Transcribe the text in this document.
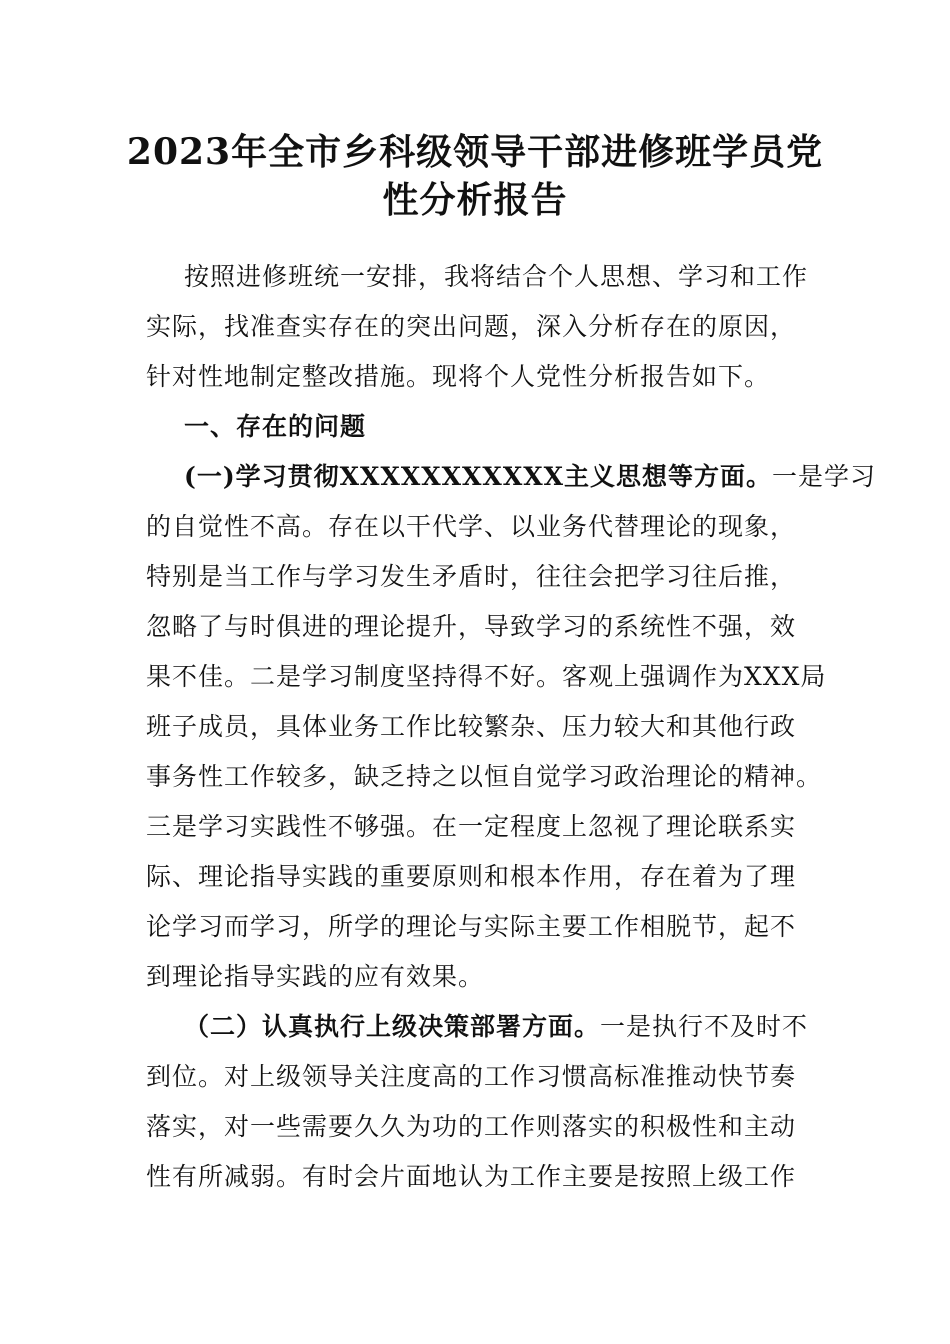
2023年全市乡科级领导干部进修班学员党
性分析报告
按照进修班统一安排，我将结合个人思想、学习和工作
实际，找准查实存在的突出问题，深入分析存在的原因，
针对性地制定整改措施。现将个人党性分析报告如下。
一、存在的问题
(一)学习贯彻XXXXXXXXXXX主义思想等方面。一是学习
的自觉性不高。存在以干代学、以业务代替理论的现象，
特别是当工作与学习发生矛盾时，往往会把学习往后推，
忽略了与时俱进的理论提升，导致学习的系统性不强，效
果不佳。二是学习制度坚持得不好。客观上强调作为XXX局
班子成员，具体业务工作比较繁杂、压力较大和其他行政
事务性工作较多，缺乏持之以恒自觉学习政治理论的精神。
三是学习实践性不够强。在一定程度上忽视了理论联系实
际、理论指导实践的重要原则和根本作用，存在着为了理
论学习而学习，所学的理论与实际主要工作相脱节，起不
到理论指导实践的应有效果。
（二）认真执行上级决策部署方面。一是执行不及时不
到位。对上级领导关注度高的工作习惯高标准推动快节奏
落实，对一些需要久久为功的工作则落实的积极性和主动
性有所减弱。有时会片面地认为工作主要是按照上级工作
